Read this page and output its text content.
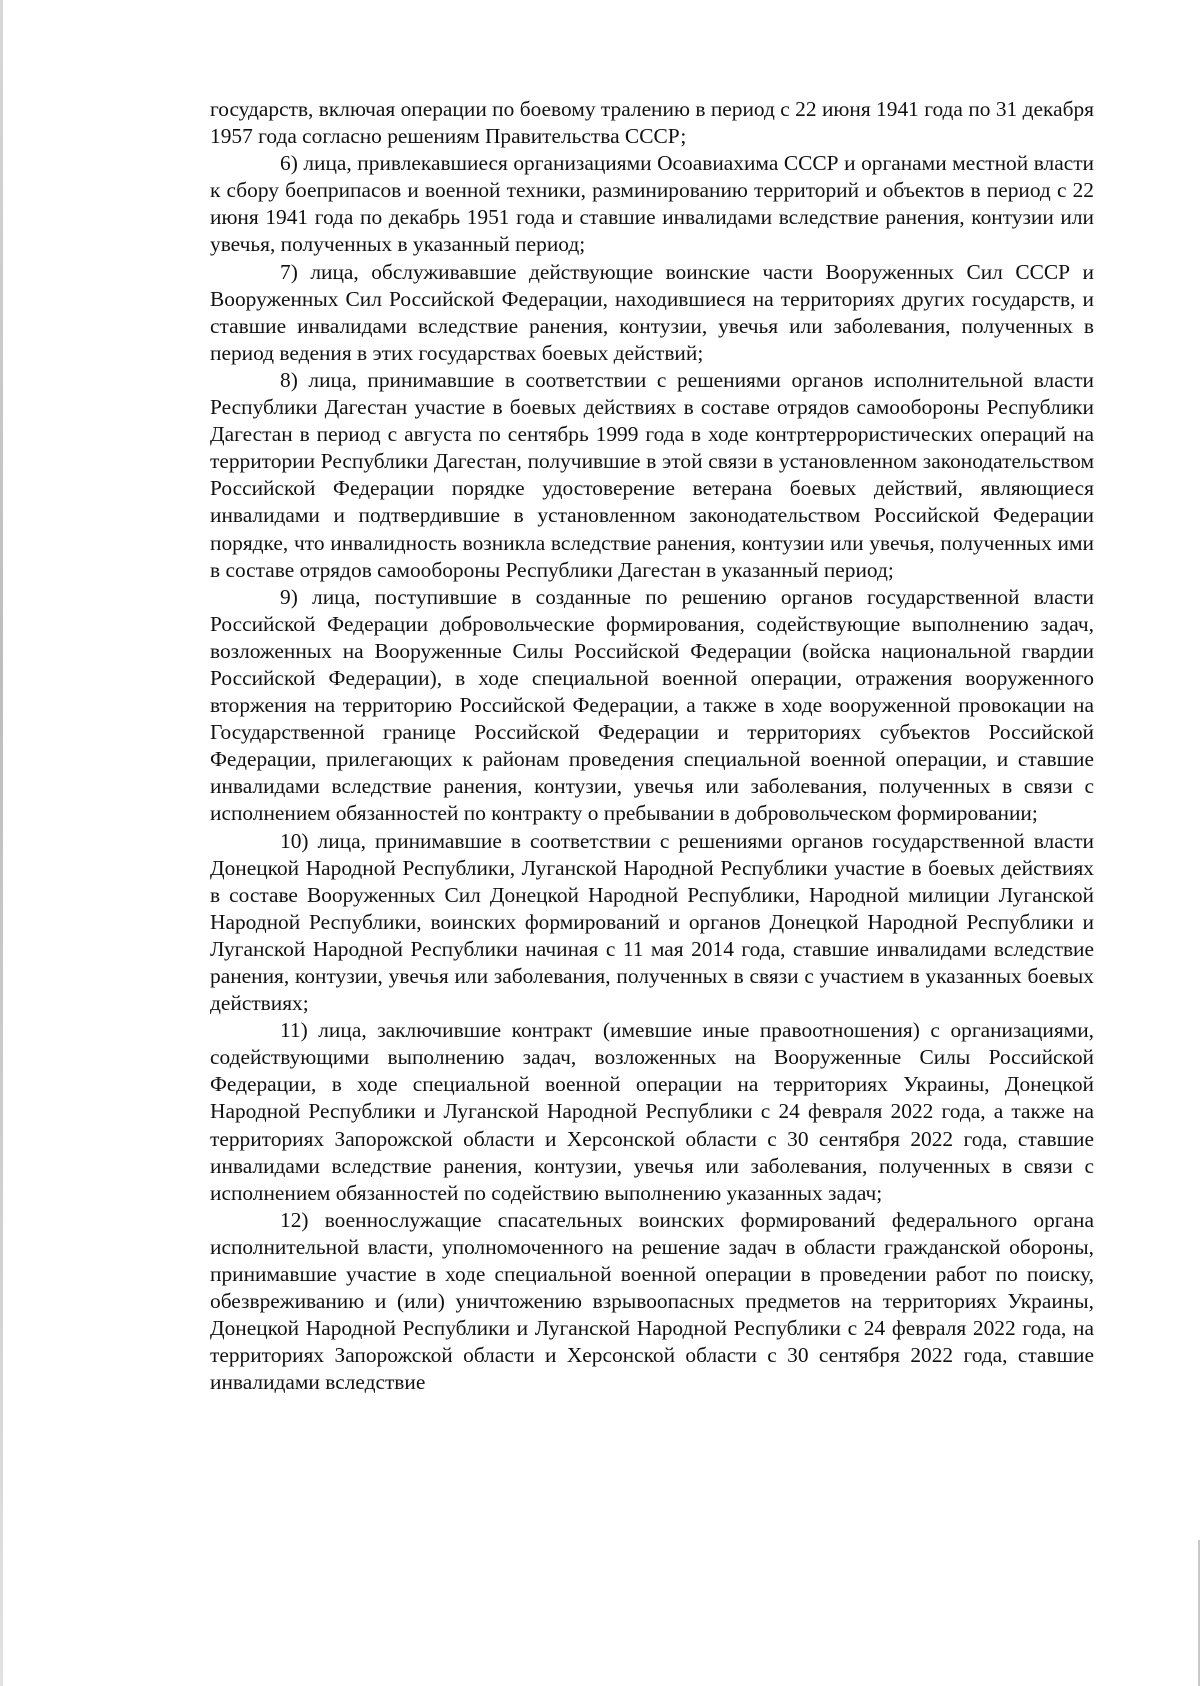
государств, включая операции по боевому тралению в период с 22 июня 1941 года по 31 декабря 1957 года согласно решениям Правительства СССР;

6) лица, привлекавшиеся организациями Осоавиахима СССР и органами местной власти к сбору боеприпасов и военной техники, разминированию территорий и объектов в период с 22 июня 1941 года по декабрь 1951 года и ставшие инвалидами вследствие ранения, контузии или увечья, полученных в указанный период;

7) лица, обслуживавшие действующие воинские части Вооруженных Сил СССР и Вооруженных Сил Российской Федерации, находившиеся на территориях других государств, и ставшие инвалидами вследствие ранения, контузии, увечья или заболевания, полученных в период ведения в этих государствах боевых действий;

8) лица, принимавшие в соответствии с решениями органов исполнительной власти Республики Дагестан участие в боевых действиях в составе отрядов самообороны Республики Дагестан в период с августа по сентябрь 1999 года в ходе контртеррористических операций на территории Республики Дагестан, получившие в этой связи в установленном законодательством Российской Федерации порядке удостоверение ветерана боевых действий, являющиеся инвалидами и подтвердившие в установленном законодательством Российской Федерации порядке, что инвалидность возникла вследствие ранения, контузии или увечья, полученных ими в составе отрядов самообороны Республики Дагестан в указанный период;

9) лица, поступившие в созданные по решению органов государственной власти Российской Федерации добровольческие формирования, содействующие выполнению задач, возложенных на Вооруженные Силы Российской Федерации (войска национальной гвардии Российской Федерации), в ходе специальной военной операции, отражения вооруженного вторжения на территорию Российской Федерации, а также в ходе вооруженной провокации на Государственной границе Российской Федерации и территориях субъектов Российской Федерации, прилегающих к районам проведения специальной военной операции, и ставшие инвалидами вследствие ранения, контузии, увечья или заболевания, полученных в связи с исполнением обязанностей по контракту о пребывании в добровольческом формировании;

10) лица, принимавшие в соответствии с решениями органов государственной власти Донецкой Народной Республики, Луганской Народной Республики участие в боевых действиях в составе Вооруженных Сил Донецкой Народной Республики, Народной милиции Луганской Народной Республики, воинских формирований и органов Донецкой Народной Республики и Луганской Народной Республики начиная с 11 мая 2014 года, ставшие инвалидами вследствие ранения, контузии, увечья или заболевания, полученных в связи с участием в указанных боевых действиях;

11) лица, заключившие контракт (имевшие иные правоотношения) с организациями, содействующими выполнению задач, возложенных на Вооруженные Силы Российской Федерации, в ходе специальной военной операции на территориях Украины, Донецкой Народной Республики и Луганской Народной Республики с 24 февраля 2022 года, а также на территориях Запорожской области и Херсонской области с 30 сентября 2022 года, ставшие инвалидами вследствие ранения, контузии, увечья или заболевания, полученных в связи с исполнением обязанностей по содействию выполнению указанных задач;

12) военнослужащие спасательных воинских формирований федерального органа исполнительной власти, уполномоченного на решение задач в области гражданской обороны, принимавшие участие в ходе специальной военной операции в проведении работ по поиску, обезвреживанию и (или) уничтожению взрывоопасных предметов на территориях Украины, Донецкой Народной Республики и Луганской Народной Республики с 24 февраля 2022 года, на территориях Запорожской области и Херсонской области с 30 сентября 2022 года, ставшие инвалидами вследствие
